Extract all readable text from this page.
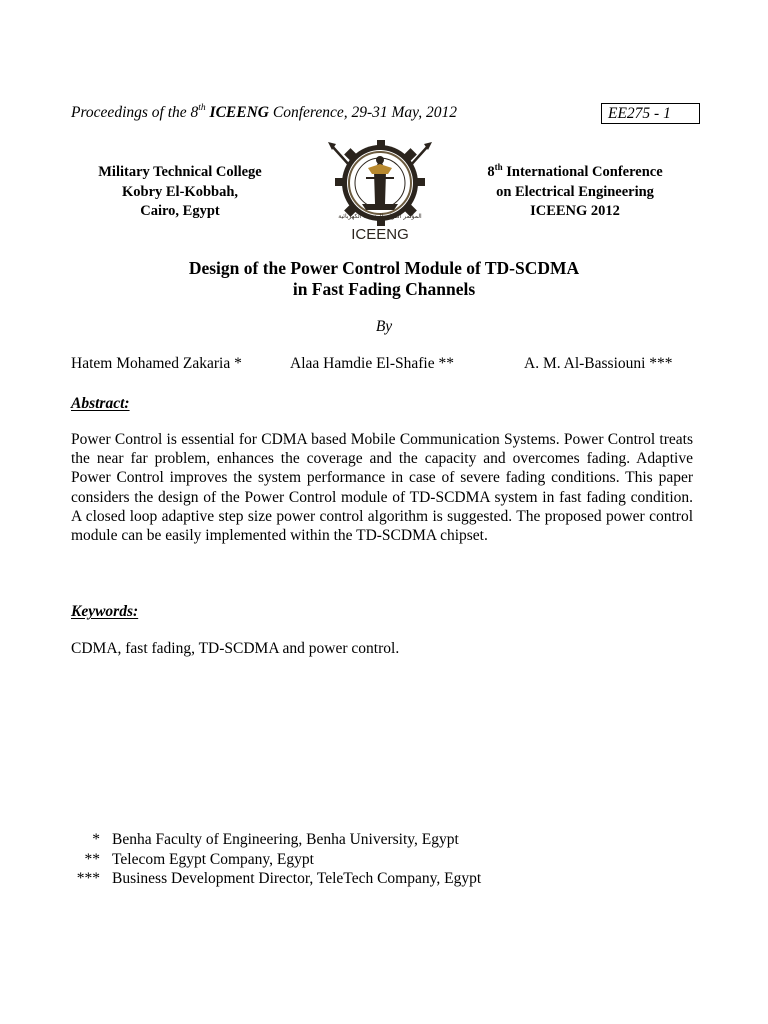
Proceedings of the 8th ICEENG Conference, 29-31 May, 2012	EE275 - 1
Military Technical College
Kobry El-Kobbah,
Cairo, Egypt	المؤتمر الدولي للهندسة الكهربائية
ICEENG
8th International Conference
on Electrical Engineering
ICEENG 2012
Design of the Power Control Module of TD-SCDMA
in Fast Fading Channels
By
Hatem Mohamed Zakaria *	Alaa Hamdie El-Shafie **	A. M. Al-Bassiouni ***
Abstract:
Power Control is essential for CDMA based Mobile Communication Systems. Power Control treats the near far problem, enhances the coverage and the capacity and overcomes fading. Adaptive Power Control improves the system performance in case of severe fading conditions. This paper considers the design of the Power Control module of TD-SCDMA system in fast fading condition. A closed loop adaptive step size power control algorithm is suggested. The proposed power control module can be easily implemented within the TD-SCDMA chipset.
Keywords:
CDMA, fast fading, TD-SCDMA and power control.
* Benha Faculty of Engineering, Benha University, Egypt
** Telecom Egypt Company, Egypt
*** Business Development Director, TeleTech Company, Egypt
